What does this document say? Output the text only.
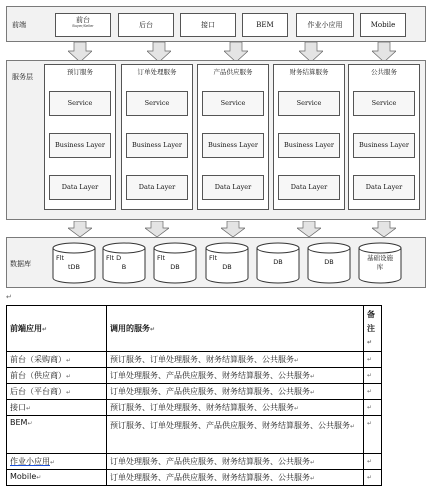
前端
前台
Buyer/Seller	后台	接口	BEM	作业小应用	Mobile
服务层
预订服务
Service
Business Layer
Data Layer
订单处理服务
Service
Business Layer
Data Layer
产品供应服务
Service
Business Layer
Data Layer
财务结算服务
Service
Business Layer
Data Layer
公共服务
Service
Business Layer
Data Layer
数据库
Flt
tDB
Flt D
B
Flt
DB
Flt
DB
DB	DB	基础设施
库
↵
前端应用↵	调用的服务↵	备注↵
前台（采购商）↵	预订服务、订单处理服务、财务结算服务、公共服务↵	↵
前台（供应商）↵	订单处理服务、产品供应服务、财务结算服务、公共服务↵	↵
后台（平台商）↵	订单处理服务、产品供应服务、财务结算服务、公共服务↵	↵
接口↵	预订服务、订单处理服务、财务结算服务、公共服务↵	↵
BEM↵	预订服务、订单处理服务、产品供应服务、财务结算服务、公共服务↵	↵
作业小应用↵	订单处理服务、产品供应服务、财务结算服务、公共服务↵	↵
Mobile↵	订单处理服务、产品供应服务、财务结算服务、公共服务↵	↵
